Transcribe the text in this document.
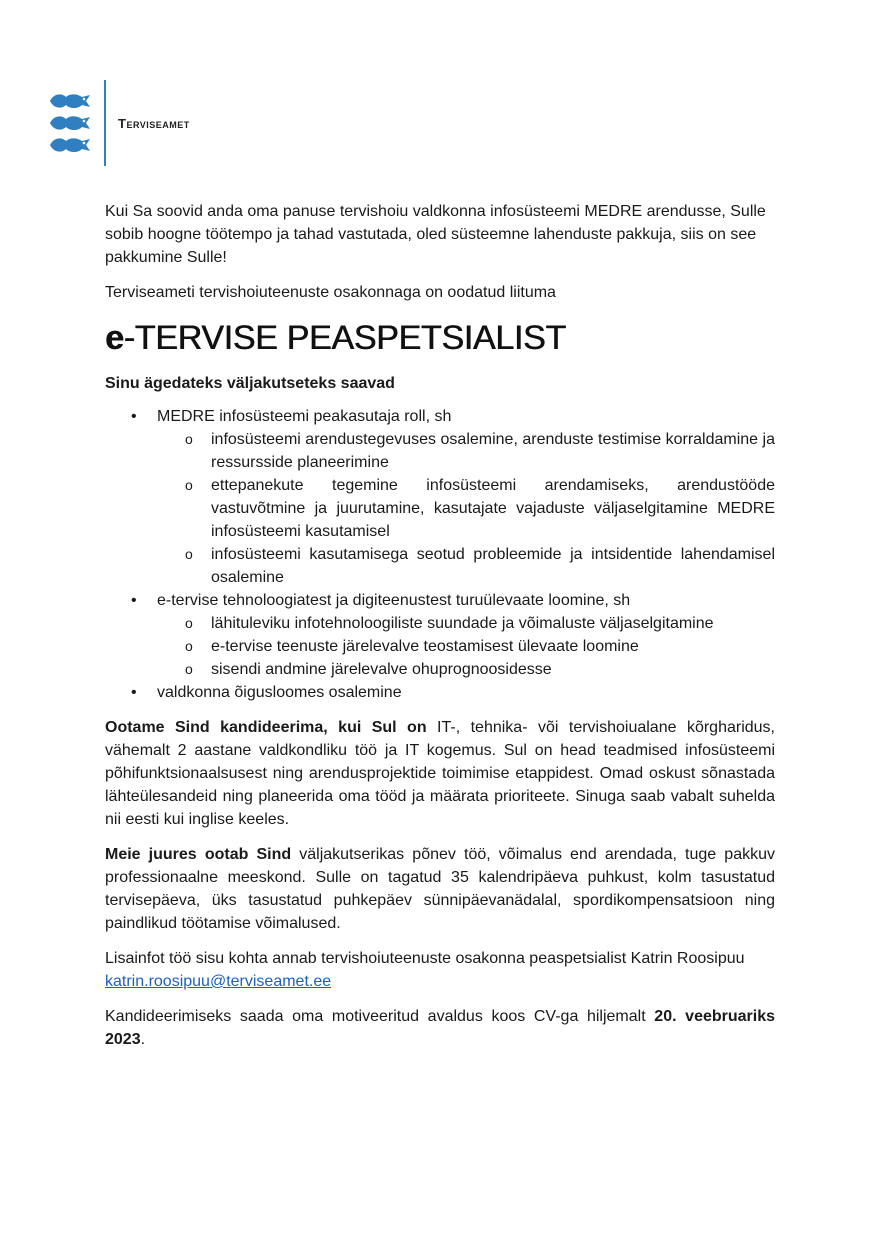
Terviseamet

Kui Sa soovid anda oma panuse tervishoiu valdkonna infosüsteemi MEDRE arendusse, Sulle sobib hoogne töötempo ja tahad vastutada, oled süsteemne lahenduste pakkuja, siis on see pakkumine Sulle!

Terviseameti tervishoiuteenuste osakonnaga on oodatud liituma

e-TERVISE PEASPETSIALIST

Sinu ägedateks väljakutseteks saavad

• MEDRE infosüsteemi peakasutaja roll, sh
o infosüsteemi arendustegevuses osalemine, arenduste testimise korraldamine ja ressursside planeerimine
o ettepanekute tegemine infosüsteemi arendamiseks, arendustööde vastuvõtmine ja juurutamine, kasutajate vajaduste väljaselgitamine MEDRE infosüsteemi kasutamisel
o infosüsteemi kasutamisega seotud probleemide ja intsidentide lahendamisel osalemine
• e-tervise tehnoloogiatest ja digiteenustest turuülevaate loomine, sh
o lähituleviku infotehnoloogiliste suundade ja võimaluste väljaselgitamine
o e-tervise teenuste järelevalve teostamisest ülevaate loomine
o sisendi andmine järelevalve ohuprognoosidesse
• valdkonna õigusloomes osalemine

Ootame Sind kandideerima, kui Sul on IT-, tehnika- või tervishoiualane kõrgharidus, vähemalt 2 aastane valdkondliku töö ja IT kogemus. Sul on head teadmised infosüsteemi põhifunktsionaalsusest ning arendusprojektide toimimise etappidest. Omad oskust sõnastada lähteülesandeid ning planeerida oma tööd ja määrata prioriteete. Sinuga saab vabalt suhelda nii eesti kui inglise keeles.

Meie juures ootab Sind väljakutserikas põnev töö, võimalus end arendada, tuge pakkuv professionaalne meeskond. Sulle on tagatud 35 kalendripäeva puhkust, kolm tasustatud tervisepäeva, üks tasustatud puhkepäev sünnipäevanädalal, spordikompensatsioon ning paindlikud töötamise võimalused.

Lisainfot töö sisu kohta annab tervishoiuteenuste osakonna peaspetsialist Katrin Roosipuu
katrin.roosipuu@terviseamet.ee

Kandideerimiseks saada oma motiveeritud avaldus koos CV-ga hiljemalt 20. veebruariks 2023.
